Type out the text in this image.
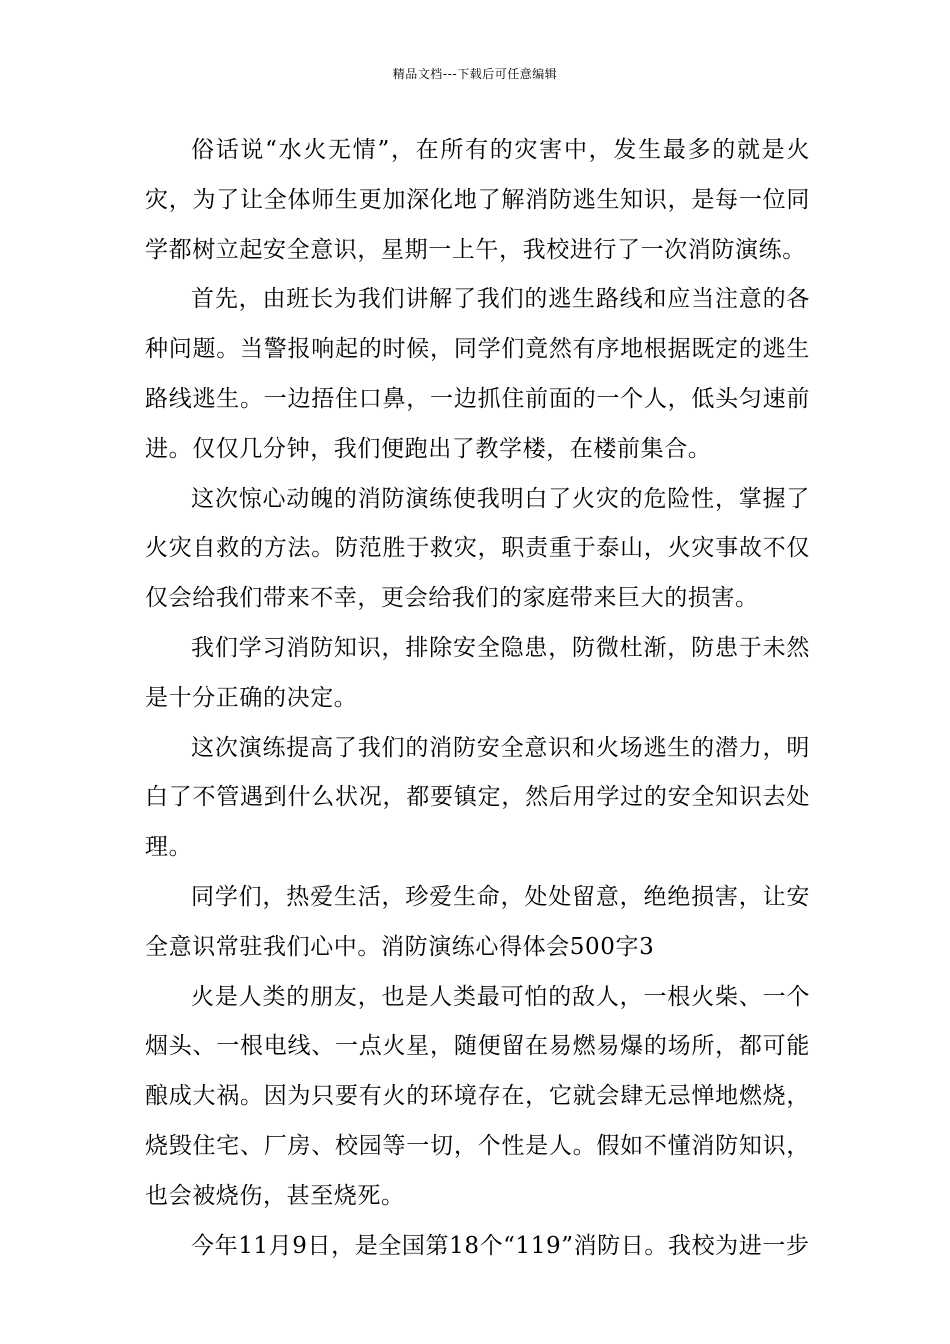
精品文档---下载后可任意编辑

俗话说“水火无情”，在所有的灾害中，发生最多的就是火灾，为了让全体师生更加深化地了解消防逃生知识，是每一位同学都树立起安全意识，星期一上午，我校进行了一次消防演练。

首先，由班长为我们讲解了我们的逃生路线和应当注意的各种问题。当警报响起的时候，同学们竟然有序地根据既定的逃生路线逃生。一边捂住口鼻，一边抓住前面的一个人，低头匀速前进。仅仅几分钟，我们便跑出了教学楼，在楼前集合。

这次惊心动魄的消防演练使我明白了火灾的危险性，掌握了火灾自救的方法。防范胜于救灾，职责重于泰山，火灾事故不仅仅会给我们带来不幸，更会给我们的家庭带来巨大的损害。

我们学习消防知识，排除安全隐患，防微杜渐，防患于未然是十分正确的决定。

这次演练提高了我们的消防安全意识和火场逃生的潜力，明白了不管遇到什么状况，都要镇定，然后用学过的安全知识去处理。

同学们，热爱生活，珍爱生命，处处留意，绝绝损害，让安全意识常驻我们心中。消防演练心得体会500字3

火是人类的朋友，也是人类最可怕的敌人，一根火柴、一个烟头、一根电线、一点火星，随便留在易燃易爆的场所，都可能酿成大祸。因为只要有火的环境存在，它就会肆无忌惮地燃烧，烧毁住宅、厂房、校园等一切，个性是人。假如不懂消防知识，也会被烧伤，甚至烧死。

今年11月9日，是全国第18个“119”消防日。我校为进一步
